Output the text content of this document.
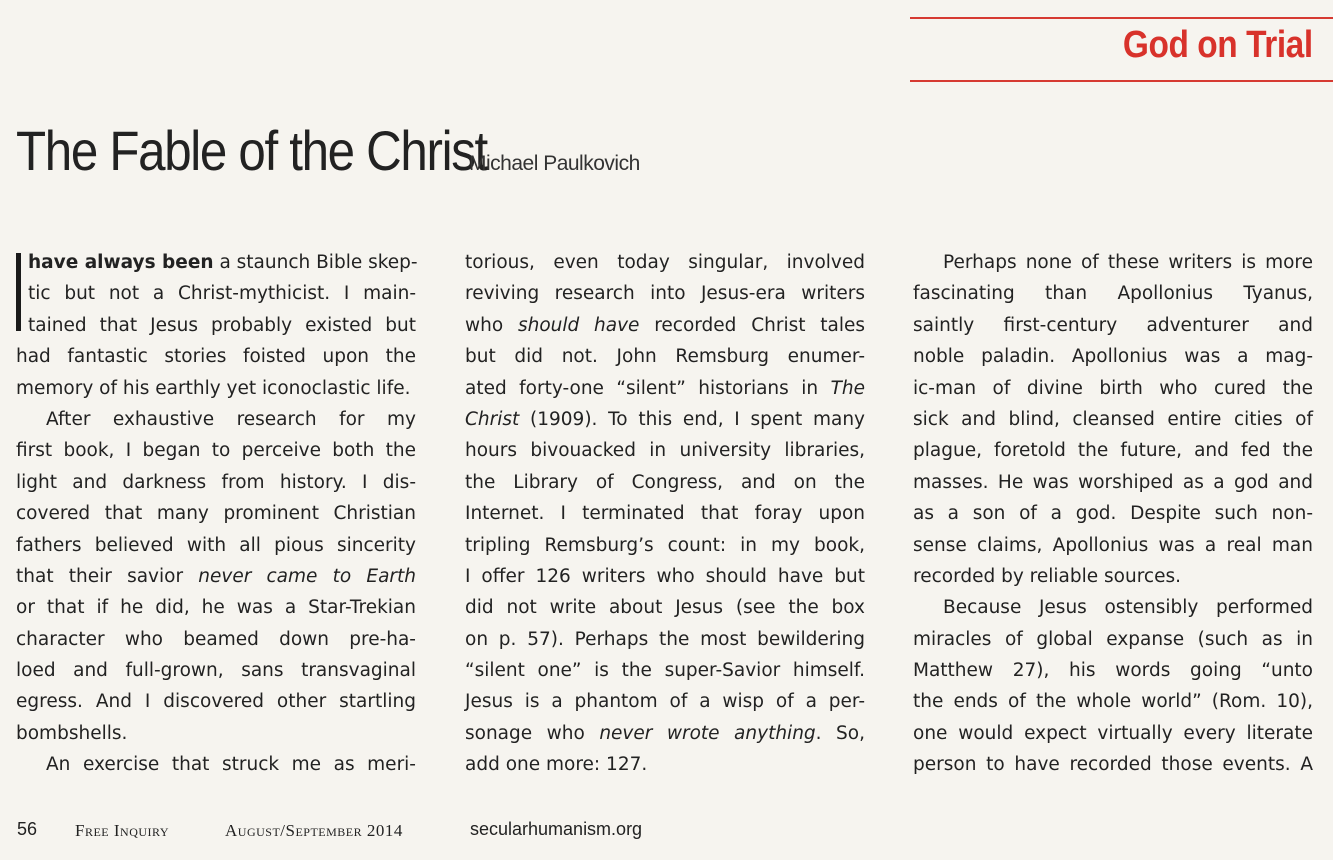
God on Trial
The Fable of the Christ
Michael Paulkovich
have always been a staunch Bible skep-
tic but not a Christ-mythicist. I main-
tained that Jesus probably existed but
had fantastic stories foisted upon the
memory of his earthly yet iconoclastic life.
After exhaustive research for my
first book, I began to perceive both the
light and darkness from history. I dis-
covered that many prominent Christian
fathers believed with all pious sincerity
that their savior never came to Earth
or that if he did, he was a Star-Trekian
character who beamed down pre-ha-
loed and full-grown, sans transvaginal
egress. And I discovered other startling
bombshells.
An exercise that struck me as meri-
torious, even today singular, involved
reviving research into Jesus-era writers
who should have recorded Christ tales
but did not. John Remsburg enumer-
ated forty-one “silent” historians in The
Christ (1909). To this end, I spent many
hours bivouacked in university libraries,
the Library of Congress, and on the
Internet. I terminated that foray upon
tripling Remsburg’s count: in my book,
I offer 126 writers who should have but
did not write about Jesus (see the box
on p. 57). Perhaps the most bewildering
“silent one” is the super-Savior himself.
Jesus is a phantom of a wisp of a per-
sonage who never wrote anything. So,
add one more: 127.
Perhaps none of these writers is more
fascinating than Apollonius Tyanus,
saintly first-century adventurer and
noble paladin. Apollonius was a mag-
ic-man of divine birth who cured the
sick and blind, cleansed entire cities of
plague, foretold the future, and fed the
masses. He was worshiped as a god and
as a son of a god. Despite such non-
sense claims, Apollonius was a real man
recorded by reliable sources.
Because Jesus ostensibly performed
miracles of global expanse (such as in
Matthew 27), his words going “unto
the ends of the whole world” (Rom. 10),
one would expect virtually every literate
person to have recorded those events. A
56 Free Inquiry	August/September 2014	secularhumanism.org
